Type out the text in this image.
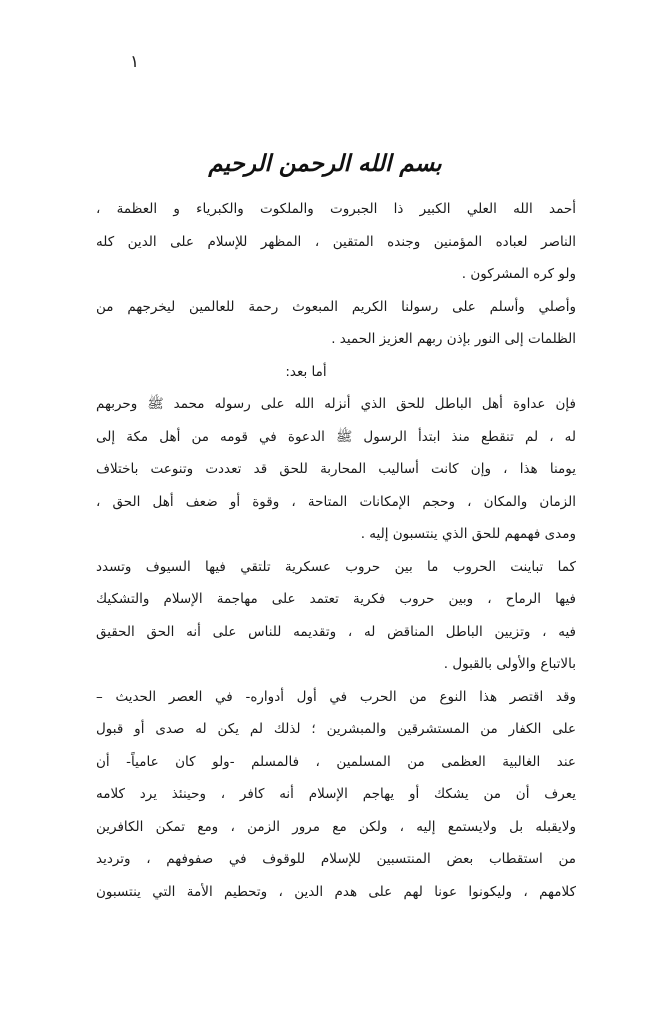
۱
بسم الله الرحمن الرحيم
أحمد الله العلي الكبير ذا الجبروت والملكوت والكبرياء و العظمة ،
الناصر لعباده المؤمنين وجنده المتقين ، المظهر للإسلام على الدين كله
ولو كره المشركون .
وأصلي وأسلم على رسولنا الكريم المبعوث رحمة للعالمين ليخرجهم من
الظلمات إلى النور بإذن ربهم العزيز الحميد .
أما بعد:
فإن عداوة أهل الباطل للحق الذي أنزله الله على رسوله محمد ﷺ وحربهم
له ، لم تنقطع منذ ابتدأ الرسول ﷺ الدعوة في قومه من أهل مكة إلى
يومنا هذا ، وإن كانت أساليب المحاربة للحق قد تعددت وتنوعت باختلاف
الزمان والمكان ، وحجم الإمكانات المتاحة ، وقوة أو ضعف أهل الحق ،
ومدى فهمهم للحق الذي ينتسبون إليه .
كما تباينت الحروب ما بين حروب عسكرية تلتقي فيها السيوف وتسدد
فيها الرماح ، وبين حروب فكرية تعتمد على مهاجمة الإسلام والتشكيك
فيه ، وتزيين الباطل المناقض له ، وتقديمه للناس على أنه الحق الحقيق
بالاتباع والأولى بالقبول .
وقد اقتصر هذا النوع من الحرب في أول أدواره- في العصر الحديث –
على الكفار من المستشرقين والمبشرين ؛ لذلك لم يكن له صدى أو قبول
عند الغالبية العظمى من المسلمين ، فالمسلم -ولو كان عامياً- أن
يعرف أن من يشكك أو يهاجم الإسلام أنه كافر ، وحينئذ يرد كلامه
ولايقبله بل ولايستمع إليه ، ولكن مع مرور الزمن ، ومع تمكن الكافرين
من استقطاب بعض المنتسبين للإسلام للوقوف في صفوفهم ، وترديد
كلامهم ، وليكونوا عونا لهم على هدم الدين ، وتحطيم الأمة التي ينتسبون
